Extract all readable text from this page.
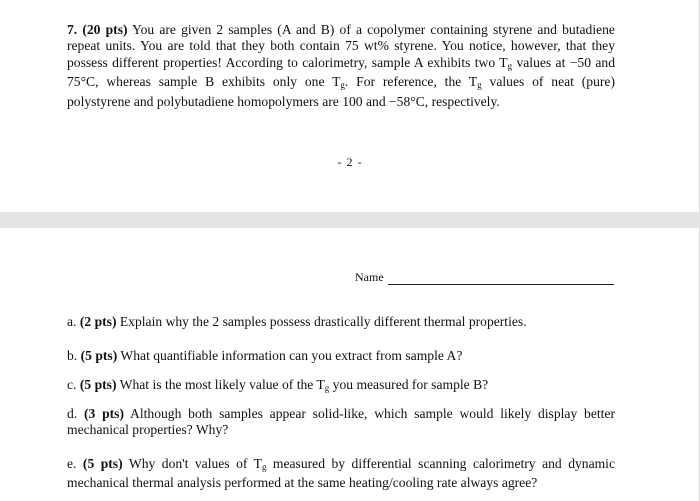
7. (20 pts) You are given 2 samples (A and B) of a copolymer containing styrene and butadiene repeat units. You are told that they both contain 75 wt% styrene. You notice, however, that they possess different properties! According to calorimetry, sample A exhibits two $T_g$ values at −50 and 75°C, whereas sample B exhibits only one $T_g$. For reference, the $T_g$ values of neat (pure) polystyrene and polybutadiene homopolymers are 100 and −58°C, respectively.

- 2 -

Name

a. (2 pts) Explain why the 2 samples possess drastically different thermal properties.

b. (5 pts) What quantifiable information can you extract from sample A?

c. (5 pts) What is the most likely value of the $T_g$ you measured for sample B?

d. (3 pts) Although both samples appear solid-like, which sample would likely display better mechanical properties? Why?

e. (5 pts) Why don't values of $T_g$ measured by differential scanning calorimetry and dynamic mechanical thermal analysis performed at the same heating/cooling rate always agree?
